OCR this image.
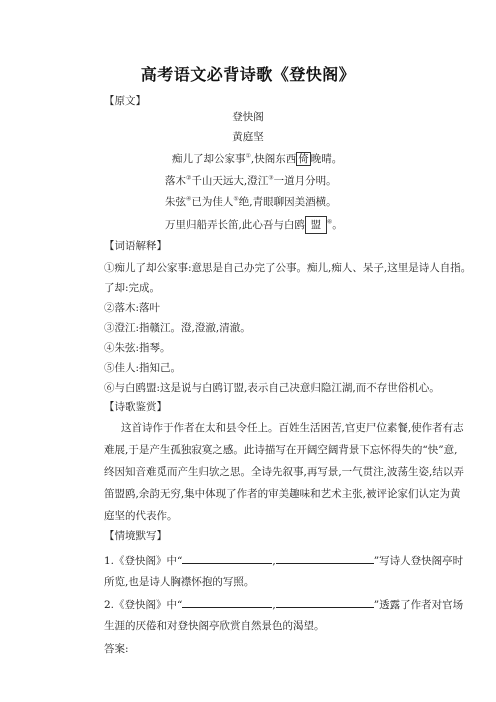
高考语文必背诗歌《登快阁》
【原文】
登快阁
黄庭坚
痴儿了却公家事①,快阁东西 倚 晚晴。
落木②千山天远大,澄江③一道月分明。
朱弦④已为佳人⑤绝,青眼聊因美酒横。
万里归船弄长笛,此心吾与白鸥 盟 ⑥。
【词语解释】
①痴儿了却公家事:意思是自己办完了公事。痴儿,痴人、呆子,这里是诗人自指。
了却:完成。
②落木:落叶
③澄江:指赣江。澄,澄澈,清澈。
④朱弦:指琴。
⑤佳人:指知己。
⑥与白鸥盟:这是说与白鸥订盟,表示自己决意归隐江湖,而不存世俗机心。
【诗歌鉴赏】
这首诗作于作者在太和县令任上。百姓生活困苦,官吏尸位素餐,使作者有志
难展,于是产生孤独寂寞之感。此诗描写在开阔空阔背景下忘怀得失的“快”意,
终因知音难觅而产生归欤之思。全诗先叙事,再写景,一气贯注,波荡生姿,结以弄
笛盟鸥,余韵无穷,集中体现了作者的审美趣味和艺术主张,被评论家们认定为黄
庭坚的代表作。
【情境默写】
1.《登快阁》中“	,	”写诗人登快阁亭时
所览,也是诗人胸襟怀抱的写照。
2.《登快阁》中“	,	”透露了作者对官场
生涯的厌倦和对登快阁亭欣赏自然景色的渴望。
答案:
